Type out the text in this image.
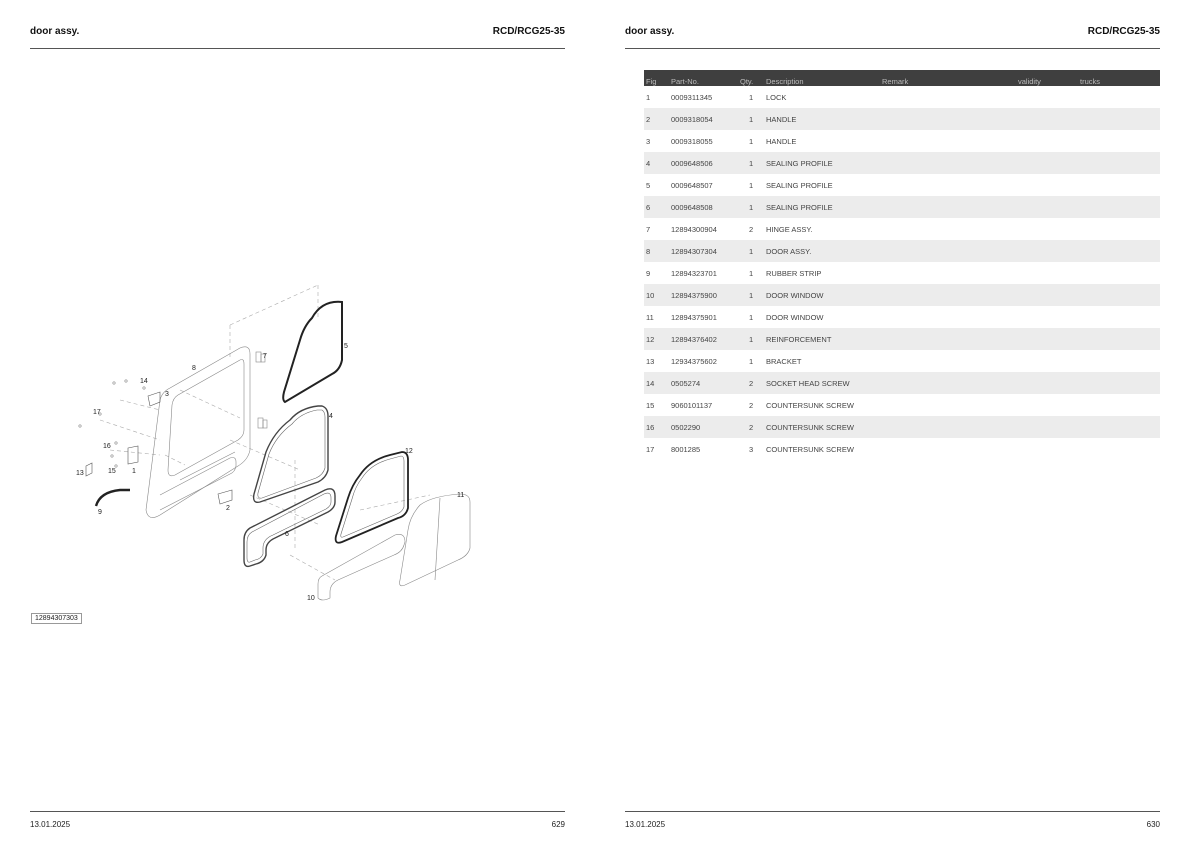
door assy.	RCD/RCG25-35
1
2
3
4
5
6
7
8
9
10
11
12
13
14
15
16
17
12894307303
13.01.2025	629
door assy.	RCD/RCG25-35
Fig	Part-No.	Qty.	Description	Remark	validity	trucks
1	0009311345	1	LOCK			
2	0009318054	1	HANDLE			
3	0009318055	1	HANDLE			
4	0009648506	1	SEALING PROFILE			
5	0009648507	1	SEALING PROFILE			
6	0009648508	1	SEALING PROFILE			
7	12894300904	2	HINGE ASSY.			
8	12894307304	1	DOOR ASSY.			
9	12894323701	1	RUBBER STRIP			
10	12894375900	1	DOOR WINDOW			
11	12894375901	1	DOOR WINDOW			
12	12894376402	1	REINFORCEMENT			
13	12934375602	1	BRACKET			
14	0505274	2	SOCKET HEAD SCREW			
15	9060101137	2	COUNTERSUNK SCREW			
16	0502290	2	COUNTERSUNK SCREW			
17	8001285	3	COUNTERSUNK SCREW			
13.01.2025	630
